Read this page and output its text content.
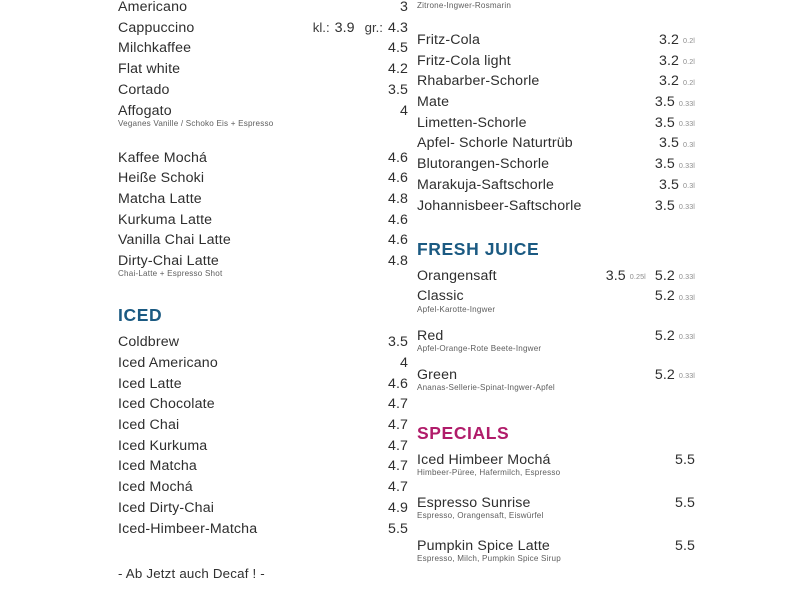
Americano	3
Cappuccino	kl.: 3.9 gr.: 4.3
Milchkaffee	4.5
Flat white	4.2
Cortado	3.5
Affogato	4
Veganes Vanille / Schoko Eis + Espresso
Kaffee Mochá	4.6
Heiße Schoki	4.6
Matcha Latte	4.8
Kurkuma Latte	4.6
Vanilla Chai Latte	4.6
Dirty-Chai Latte	4.8
Chai-Latte + Espresso Shot
ICED
Coldbrew	3.5
Iced Americano	4
Iced Latte	4.6
Iced Chocolate	4.7
Iced Chai	4.7
Iced Kurkuma	4.7
Iced Matcha	4.7
Iced Mochá	4.7
Iced Dirty-Chai	4.9
Iced-Himbeer-Matcha	5.5
- Ab Jetzt auch Decaf ! -
Zitrone-Ingwer-Rosmarin
Fritz-Cola	3.2 0.2l
Fritz-Cola light	3.2 0.2l
Rhabarber-Schorle	3.2 0.2l
Mate	3.5 0.33l
Limetten-Schorle	3.5 0.33l
Apfel- Schorle Naturtrüb	3.5 0.3l
Blutorangen-Schorle	3.5 0.33l
Marakuja-Saftschorle	3.5 0.3l
Johannisbeer-Saftschorle	3.5 0.33l
FRESH JUICE
Orangensaft	3.5 0.25l 5.2 0.33l
Classic	5.2 0.33l
Apfel-Karotte-Ingwer
Red	5.2 0.33l
Apfel-Orange-Rote Beete-Ingwer
Green	5.2 0.33l
Ananas-Sellerie-Spinat-Ingwer-Apfel
SPECIALS
Iced Himbeer Mochá	5.5
Himbeer-Püree, Hafermilch, Espresso
Espresso Sunrise	5.5
Espresso, Orangensaft, Eiswürfel
Pumpkin Spice Latte	5.5
Espresso, Milch, Pumpkin Spice Sirup
